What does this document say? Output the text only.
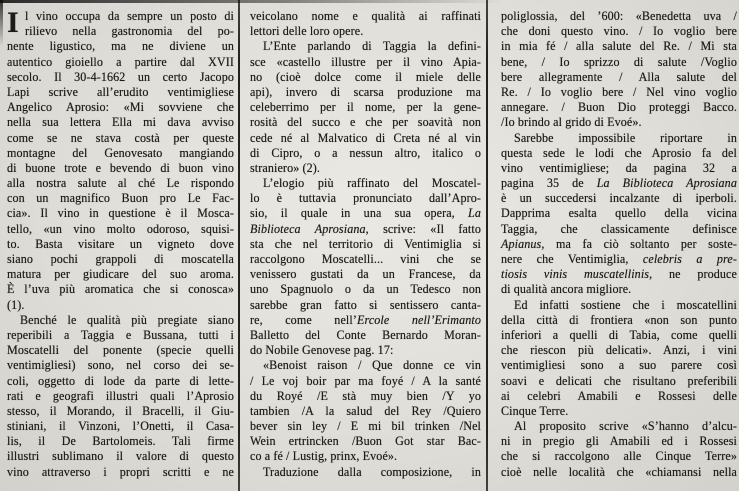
I l vino occupa da sempre un posto di
rilievo nella gastronomia del po-
nente ligustico, ma ne diviene un
autentico gioiello a partire dal XVII
secolo. Il 30-4-1662 un certo Jacopo
Lapi scrive all’erudito ventimigliese
Angelico Aprosio: «Mi sovviene che
nella sua lettera Ella mi dava avviso
come se ne stava costà per queste
montagne del Genovesato mangiando
di buone trote e bevendo di buon vino
alla nostra salute al ché Le rispondo
con un magnifico Buon pro Le Fac-
cia». Il vino in questione è il Mosca-
tello, «un vino molto odoroso, squisi-
to. Basta visitare un vigneto dove
siano pochi grappoli di moscatella
matura per giudicare del suo aroma.
È l’uva più aromatica che si conosca»
(1).
Benché le qualità più pregiate siano
reperibili a Taggia e Bussana, tutti i
Moscatelli del ponente (specie quelli
ventimigliesi) sono, nel corso dei se-
coli, oggetto di lode da parte di lette-
rati e geografi illustri quali l’Aprosio
stesso, il Morando, il Bracelli, il Giu-
stiniani, il Vinzoni, l’Onetti, il Casa-
lis, il De Bartolomeis. Tali firme
illustri sublimano il valore di questo
vino attraverso i propri scritti e ne
veicolano nome e qualità ai raffinati
lettori delle loro opere.
L’Ente parlando di Taggia la defini-
sce «castello illustre per il vino Apia-
no (cioè dolce come il miele delle
api), invero di scarsa produzione ma
celeberrimo per il nome, per la gene-
rosità del succo e che per soavità non
cede né al Malvatico di Creta né al vin
di Cipro, o a nessun altro, italico o
straniero» (2).
L’elogio più raffinato del Moscatel-
lo è tuttavia pronunciato dall’Apro-
sio, il quale in una sua opera, La
Biblioteca Aprosiana, scrive: «Il fatto
sta che nel territorio di Ventimiglia si
raccolgono Moscatelli... vini che se
venissero gustati da un Francese, da
uno Spagnuolo o da un Tedesco non
sarebbe gran fatto si sentissero canta-
re, come nell’Ercole nell’Erimanto
Balletto del Conte Bernardo Moran-
do Nobile Genovese pag. 17:
«Benoist raison / Que donne ce vin
/ Le voj boir par ma foyé / A la santé
du Royé /E stà muy bien /Y yo
tambien /A la salud del Rey /Quiero
bever sin ley / E mi bil trinken /Nel
Wein ertrincken /Buon Got star Bac-
co a fé / Lustig, prinx, Evoé».
Traduzione dalla composizione, in
poliglossia, del ’600: «Benedetta uva /
che doni questo vino. / Io voglio bere
in mia fé / alla salute del Re. / Mi sta
bene, / Io sprizzo di salute /Voglio
bere allegramente / Alla salute del
Re. / Io voglio bere / Nel vino voglio
annegare. / Buon Dio proteggi Bacco.
/Io brindo al grido di Evoé».
Sarebbe impossibile riportare in
questa sede le lodi che Aprosio fa del
vino ventimigliese; da pagina 32 a
pagina 35 de La Biblioteca Aprosiana
è un succedersi incalzante di iperboli.
Dapprima esalta quello della vicina
Taggia, che classicamente definisce
Apianus, ma fa ciò soltanto per soste-
nere che Ventimiglia, celebris a pre-
tiosis vinis muscatellinis, ne produce
di qualità ancora migliore.
Ed infatti sostiene che i moscatellini
della città di frontiera «non son punto
inferiori a quelli di Tabia, come quelli
che riescon più delicati». Anzi, i vini
ventimigliesi sono a suo parere così
soavi e delicati che risultano preferibili
ai celebri Amabili e Rossesi delle
Cinque Terre.
Al proposito scrive «S’hanno d’alcu-
ni in pregio gli Amabili ed i Rossesi
che si raccolgono alle Cinque Terre»
cioè nelle località che «chiamansi nella
